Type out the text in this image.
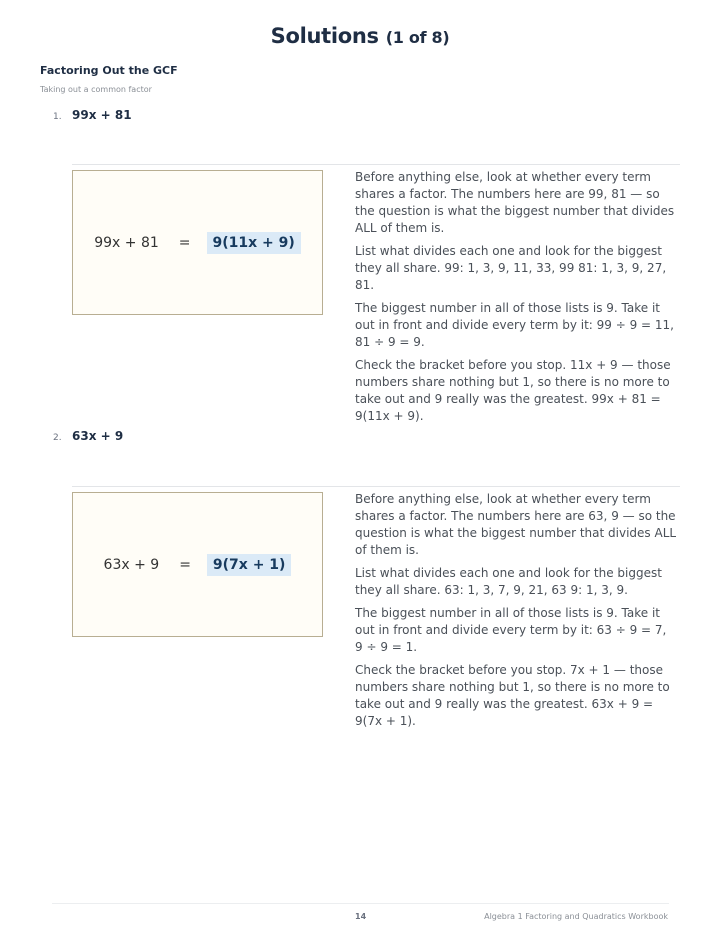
Solutions (1 of 8)
Factoring Out the GCF
Taking out a common factor
1. 99x + 81
99x + 81 =	9(11x + 9)

Before anything else, look at whether every term shares a factor. The numbers here are 99, 81 — so the question is what the biggest number that divides ALL of them is.

List what divides each one and look for the biggest they all share. 99: 1, 3, 9, 11, 33, 99 81: 1, 3, 9, 27, 81.

The biggest number in all of those lists is 9. Take it out in front and divide every term by it: 99 ÷ 9 = 11, 81 ÷ 9 = 9.

Check the bracket before you stop. 11x + 9 — those numbers share nothing but 1, so there is no more to take out and 9 really was the greatest. 99x + 81 = 9(11x + 9).

2. 63x + 9
63x + 9 =	9(7x + 1)

Before anything else, look at whether every term shares a factor. The numbers here are 63, 9 — so the question is what the biggest number that divides ALL of them is.

List what divides each one and look for the biggest they all share. 63: 1, 3, 7, 9, 21, 63 9: 1, 3, 9.

The biggest number in all of those lists is 9. Take it out in front and divide every term by it: 63 ÷ 9 = 7, 9 ÷ 9 = 1.

Check the bracket before you stop. 7x + 1 — those numbers share nothing but 1, so there is no more to take out and 9 really was the greatest. 63x + 9 = 9(7x + 1).

14	Algebra 1 Factoring and Quadratics Workbook
